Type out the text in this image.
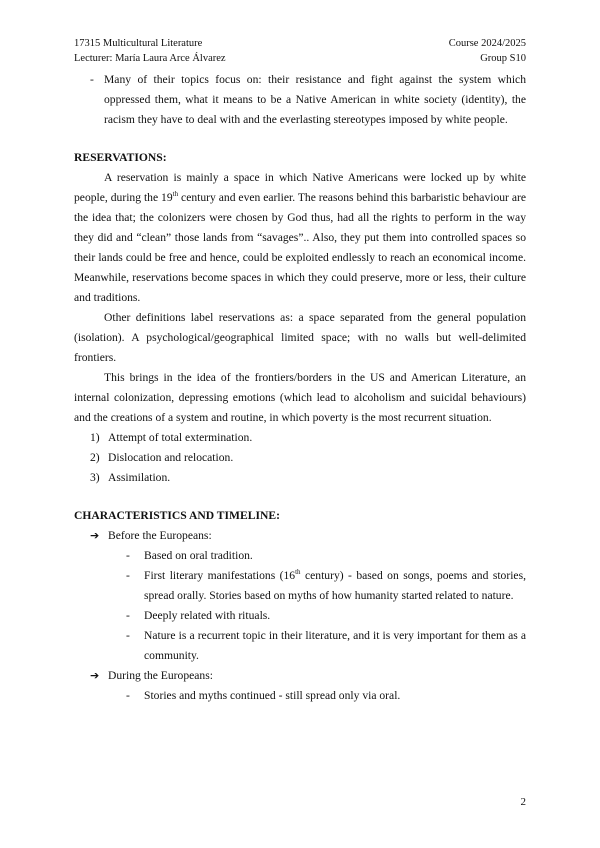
17315 Multicultural Literature	Course 2024/2025
Lecturer: María Laura Arce Álvarez	Group S10
- Many of their topics focus on: their resistance and fight against the system which oppressed them, what it means to be a Native American in white society (identity), the racism they have to deal with and the everlasting stereotypes imposed by white people.
RESERVATIONS:
A reservation is mainly a space in which Native Americans were locked up by white people, during the 19th century and even earlier. The reasons behind this barbaristic behaviour are the idea that; the colonizers were chosen by God thus, had all the rights to perform in the way they did and “clean” those lands from “savages”.. Also, they put them into controlled spaces so their lands could be free and hence, could be exploited endlessly to reach an economical income. Meanwhile, reservations become spaces in which they could preserve, more or less, their culture and traditions.
Other definitions label reservations as: a space separated from the general population (isolation). A psychological/geographical limited space; with no walls but well-delimited frontiers.
This brings in the idea of the frontiers/borders in the US and American Literature, an internal colonization, depressing emotions (which lead to alcoholism and suicidal behaviours) and the creations of a system and routine, in which poverty is the most recurrent situation.
1) Attempt of total extermination.
2) Dislocation and relocation.
3) Assimilation.
CHARACTERISTICS AND TIMELINE:
➔ Before the Europeans:
- Based on oral tradition.
- First literary manifestations (16th century) - based on songs, poems and stories, spread orally. Stories based on myths of how humanity started related to nature.
- Deeply related with rituals.
- Nature is a recurrent topic in their literature, and it is very important for them as a community.
➔ During the Europeans:
- Stories and myths continued - still spread only via oral.
2
